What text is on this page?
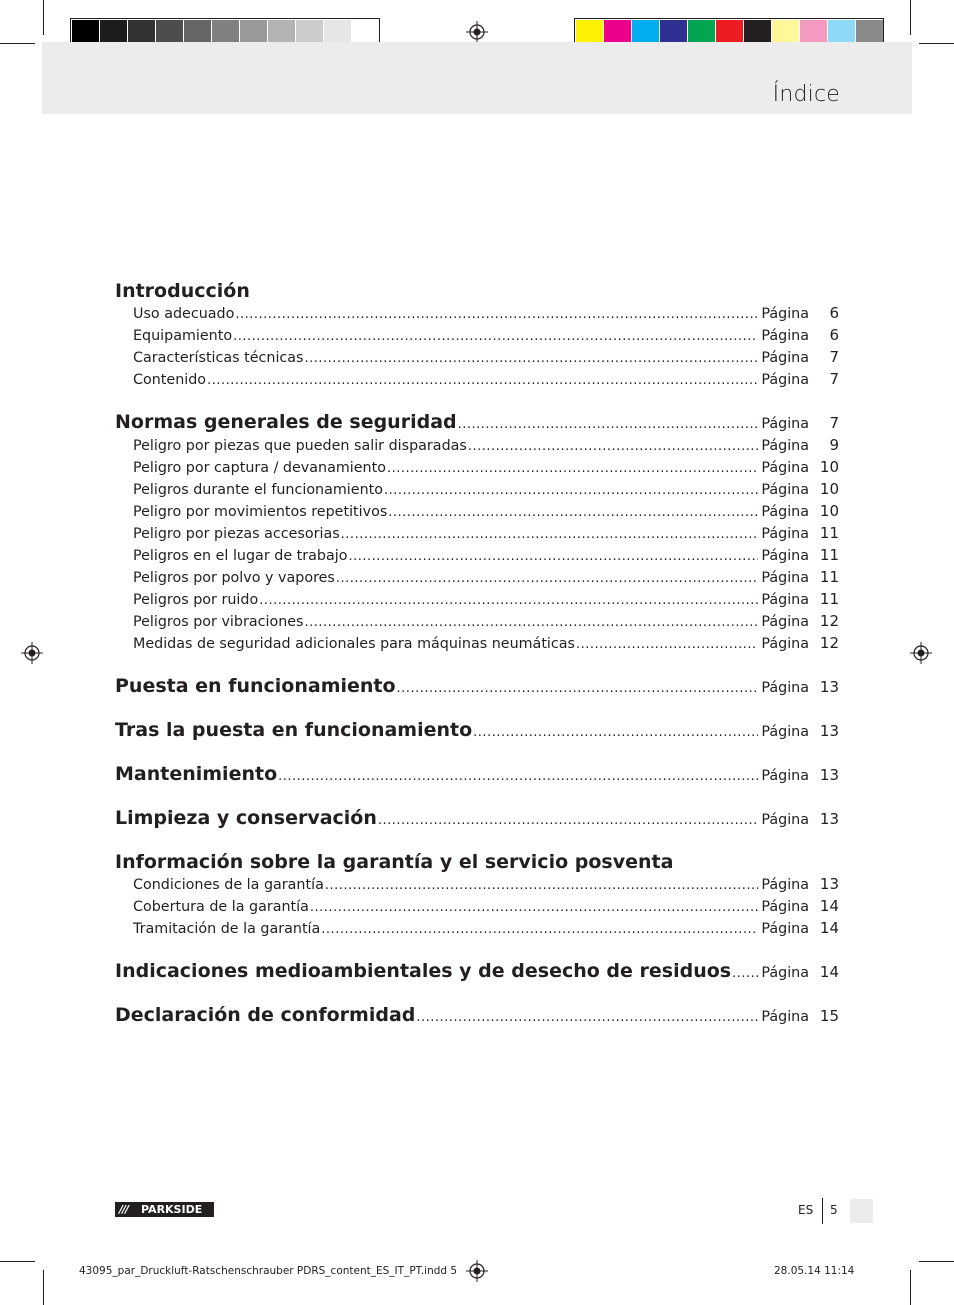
Índice
Introducción
Uso adecuado .....	Página	6
Equipamiento .....	Página	6
Características técnicas .....	Página	7
Contenido .....	Página	7
Normas generales de seguridad .....	Página	7
Peligro por piezas que pueden salir disparadas .....	Página	9
Peligro por captura / devanamiento .....	Página 10
Peligros durante el funcionamiento .....	Página 10
Peligro por movimientos repetitivos .....	Página 10
Peligro por piezas accesorias .....	Página 11
Peligros en el lugar de trabajo .....	Página 11
Peligros por polvo y vapores .....	Página 11
Peligros por ruido .....	Página 11
Peligros por vibraciones .....	Página 12
Medidas de seguridad adicionales para máquinas neumáticas .....	Página 12
Puesta en funcionamiento .....	Página 13
Tras la puesta en funcionamiento .....	Página 13
Mantenimiento .....	Página 13
Limpieza y conservación .....	Página 13
Información sobre la garantía y el servicio posventa
Condiciones de la garantía .....	Página 13
Cobertura de la garantía .....	Página 14
Tramitación de la garantía .....	Página 14
Indicaciones medioambientales y de desecho de residuos ..... Página 14
Declaración de conformidad .....	Página 15
///	PARKSIDE	ES 5
43095_par_Druckluft-Ratschenschrauber PDRS_content_ES_IT_PT.indd 5	28.05.14 11:14
